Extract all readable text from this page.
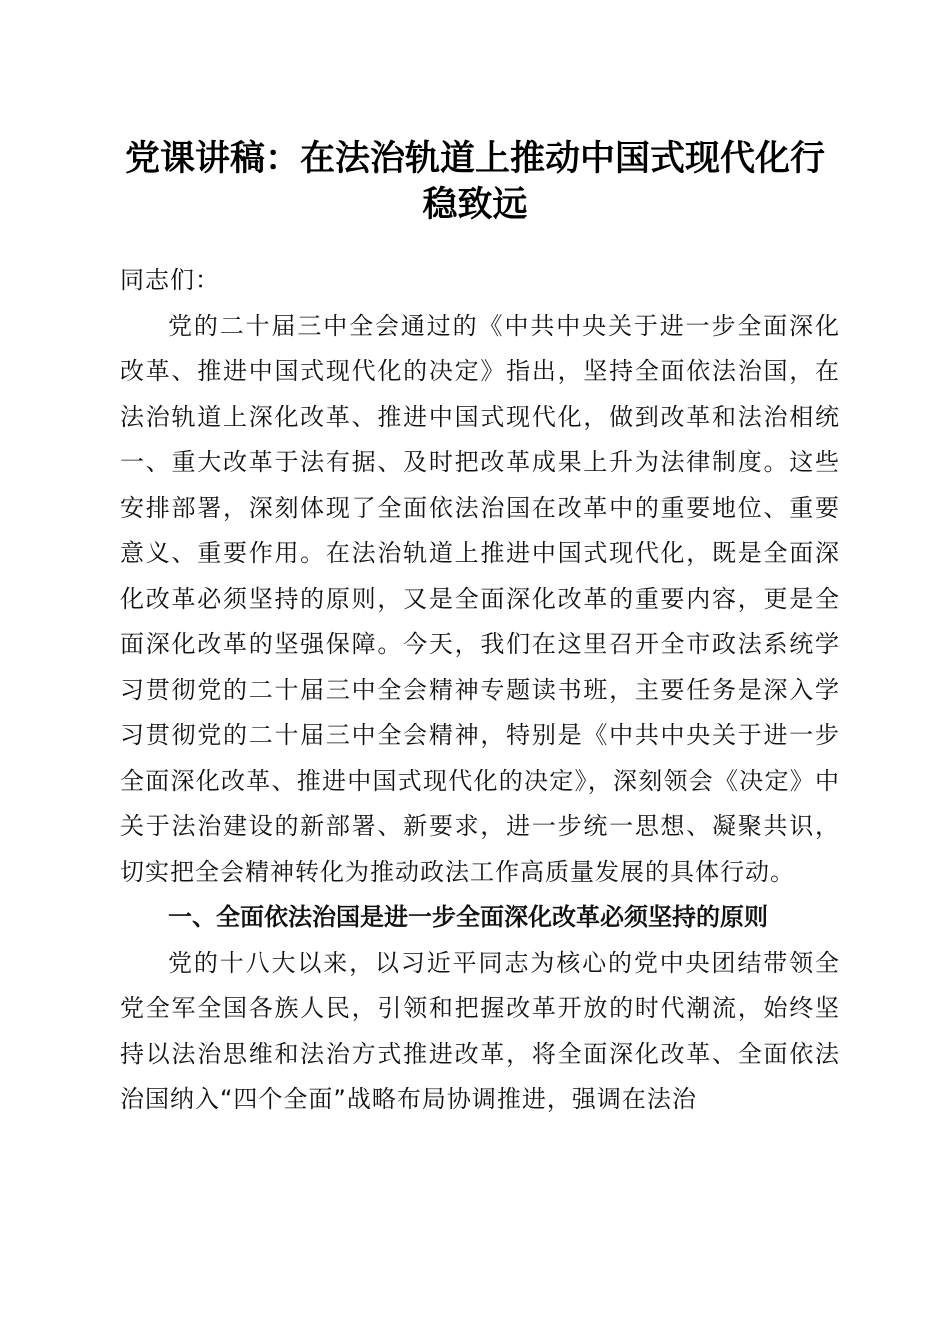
党课讲稿：在法治轨道上推动中国式现代化行
稳致远

同志们：

党的二十届三中全会通过的《中共中央关于进一步全面深化改革、推进中国式现代化的决定》指出，坚持全面依法治国，在法治轨道上深化改革、推进中国式现代化，做到改革和法治相统一、重大改革于法有据、及时把改革成果上升为法律制度。这些安排部署，深刻体现了全面依法治国在改革中的重要地位、重要意义、重要作用。在法治轨道上推进中国式现代化，既是全面深化改革必须坚持的原则，又是全面深化改革的重要内容，更是全面深化改革的坚强保障。今天，我们在这里召开全市政法系统学习贯彻党的二十届三中全会精神专题读书班，主要任务是深入学习贯彻党的二十届三中全会精神，特别是《中共中央关于进一步全面深化改革、推进中国式现代化的决定》，深刻领会《决定》中关于法治建设的新部署、新要求，进一步统一思想、凝聚共识，切实把全会精神转化为推动政法工作高质量发展的具体行动。

一、全面依法治国是进一步全面深化改革必须坚持的原则

党的十八大以来，以习近平同志为核心的党中央团结带领全党全军全国各族人民，引领和把握改革开放的时代潮流，始终坚持以法治思维和法治方式推进改革，将全面深化改革、全面依法治国纳入“四个全面”战略布局协调推进，强调在法治
